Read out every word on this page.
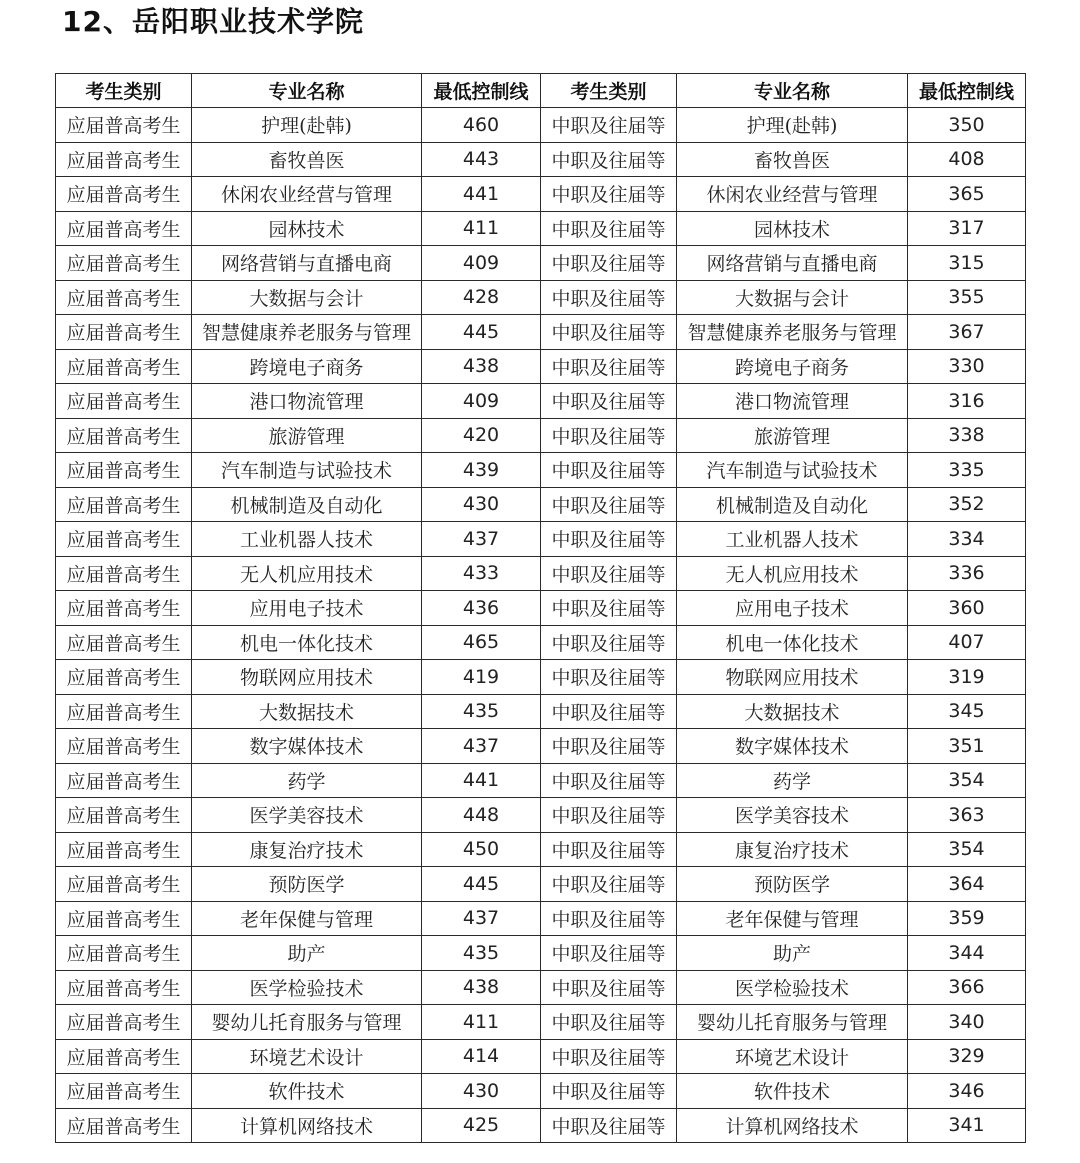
12、岳阳职业技术学院
考生类别	专业名称	最低控制线	考生类别	专业名称	最低控制线
应届普高考生	护理(赴韩)	460	中职及往届等	护理(赴韩)	350
应届普高考生	畜牧兽医	443	中职及往届等	畜牧兽医	408
应届普高考生	休闲农业经营与管理	441	中职及往届等	休闲农业经营与管理	365
应届普高考生	园林技术	411	中职及往届等	园林技术	317
应届普高考生	网络营销与直播电商	409	中职及往届等	网络营销与直播电商	315
应届普高考生	大数据与会计	428	中职及往届等	大数据与会计	355
应届普高考生	智慧健康养老服务与管理	445	中职及往届等	智慧健康养老服务与管理	367
应届普高考生	跨境电子商务	438	中职及往届等	跨境电子商务	330
应届普高考生	港口物流管理	409	中职及往届等	港口物流管理	316
应届普高考生	旅游管理	420	中职及往届等	旅游管理	338
应届普高考生	汽车制造与试验技术	439	中职及往届等	汽车制造与试验技术	335
应届普高考生	机械制造及自动化	430	中职及往届等	机械制造及自动化	352
应届普高考生	工业机器人技术	437	中职及往届等	工业机器人技术	334
应届普高考生	无人机应用技术	433	中职及往届等	无人机应用技术	336
应届普高考生	应用电子技术	436	中职及往届等	应用电子技术	360
应届普高考生	机电一体化技术	465	中职及往届等	机电一体化技术	407
应届普高考生	物联网应用技术	419	中职及往届等	物联网应用技术	319
应届普高考生	大数据技术	435	中职及往届等	大数据技术	345
应届普高考生	数字媒体技术	437	中职及往届等	数字媒体技术	351
应届普高考生	药学	441	中职及往届等	药学	354
应届普高考生	医学美容技术	448	中职及往届等	医学美容技术	363
应届普高考生	康复治疗技术	450	中职及往届等	康复治疗技术	354
应届普高考生	预防医学	445	中职及往届等	预防医学	364
应届普高考生	老年保健与管理	437	中职及往届等	老年保健与管理	359
应届普高考生	助产	435	中职及往届等	助产	344
应届普高考生	医学检验技术	438	中职及往届等	医学检验技术	366
应届普高考生	婴幼儿托育服务与管理	411	中职及往届等	婴幼儿托育服务与管理	340
应届普高考生	环境艺术设计	414	中职及往届等	环境艺术设计	329
应届普高考生	软件技术	430	中职及往届等	软件技术	346
应届普高考生	计算机网络技术	425	中职及往届等	计算机网络技术	341
